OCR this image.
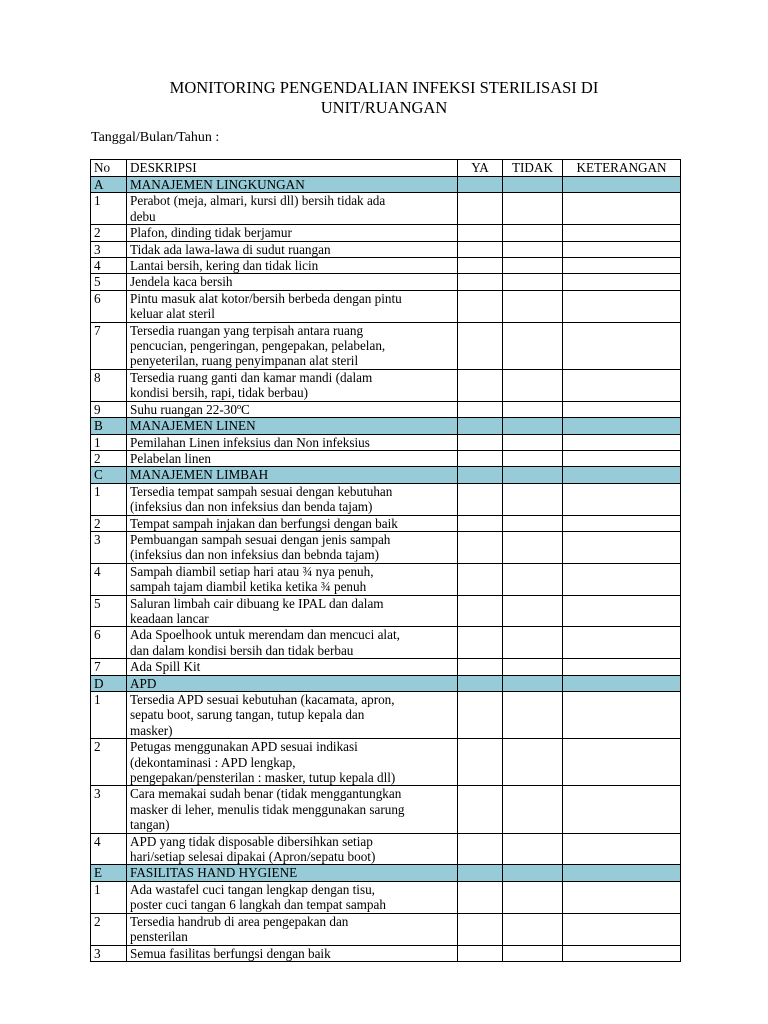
MONITORING PENGENDALIAN INFEKSI STERILISASI DI
UNIT/RUANGAN
Tanggal/Bulan/Tahun :
No	DESKRIPSI	YA	TIDAK	KETERANGAN
A	MANAJEMEN LINGKUNGAN			
1	Perabot (meja, almari, kursi dll) bersih tidak ada
debu			

2	Plafon, dinding tidak berjamur			

3	Tidak ada lawa-lawa di sudut ruangan			

4	Lantai bersih, kering dan tidak licin			

5	Jendela kaca bersih			

6	Pintu masuk alat kotor/bersih berbeda dengan pintu
keluar alat steril			

7	Tersedia ruangan yang terpisah antara ruang
pencucian, pengeringan, pengepakan, pelabelan,
penyeterilan, ruang penyimpanan alat steril			

8	Tersedia ruang ganti dan kamar mandi (dalam
kondisi bersih, rapi, tidak berbau)			

9	Suhu ruangan 22-30ºC			

B	MANAJEMEN LINEN			
1	Pemilahan Linen infeksius dan Non infeksius			

2	Pelabelan linen			

C	MANAJEMEN LIMBAH			
1	Tersedia tempat sampah sesuai dengan kebutuhan
(infeksius dan non infeksius dan benda tajam)			

2	Tempat sampah injakan dan berfungsi dengan baik			

3	Pembuangan sampah sesuai dengan jenis sampah
(infeksius dan non infeksius dan bebnda tajam)			

4	Sampah diambil setiap hari atau ¾ nya penuh,
sampah tajam diambil ketika ketika ¾ penuh			

5	Saluran limbah cair dibuang ke IPAL dan dalam
keadaan lancar			

6	Ada Spoelhook untuk merendam dan mencuci alat,
dan dalam kondisi bersih dan tidak berbau			

7	Ada Spill Kit			

D	APD			
1	Tersedia APD sesuai kebutuhan (kacamata, apron,
sepatu boot, sarung tangan, tutup kepala dan
masker)			

2	Petugas menggunakan APD sesuai indikasi
(dekontaminasi : APD lengkap,
pengepakan/pensterilan : masker, tutup kepala dll)			

3	Cara memakai sudah benar (tidak menggantungkan
masker di leher, menulis tidak menggunakan sarung
tangan)			

4	APD yang tidak disposable dibersihkan setiap
hari/setiap selesai dipakai (Apron/sepatu boot)			

E	FASILITAS HAND HYGIENE			
1	Ada wastafel cuci tangan lengkap dengan tisu,
poster cuci tangan 6 langkah dan tempat sampah			

2	Tersedia handrub di area pengepakan dan
pensterilan			

3	Semua fasilitas berfungsi dengan baik			
